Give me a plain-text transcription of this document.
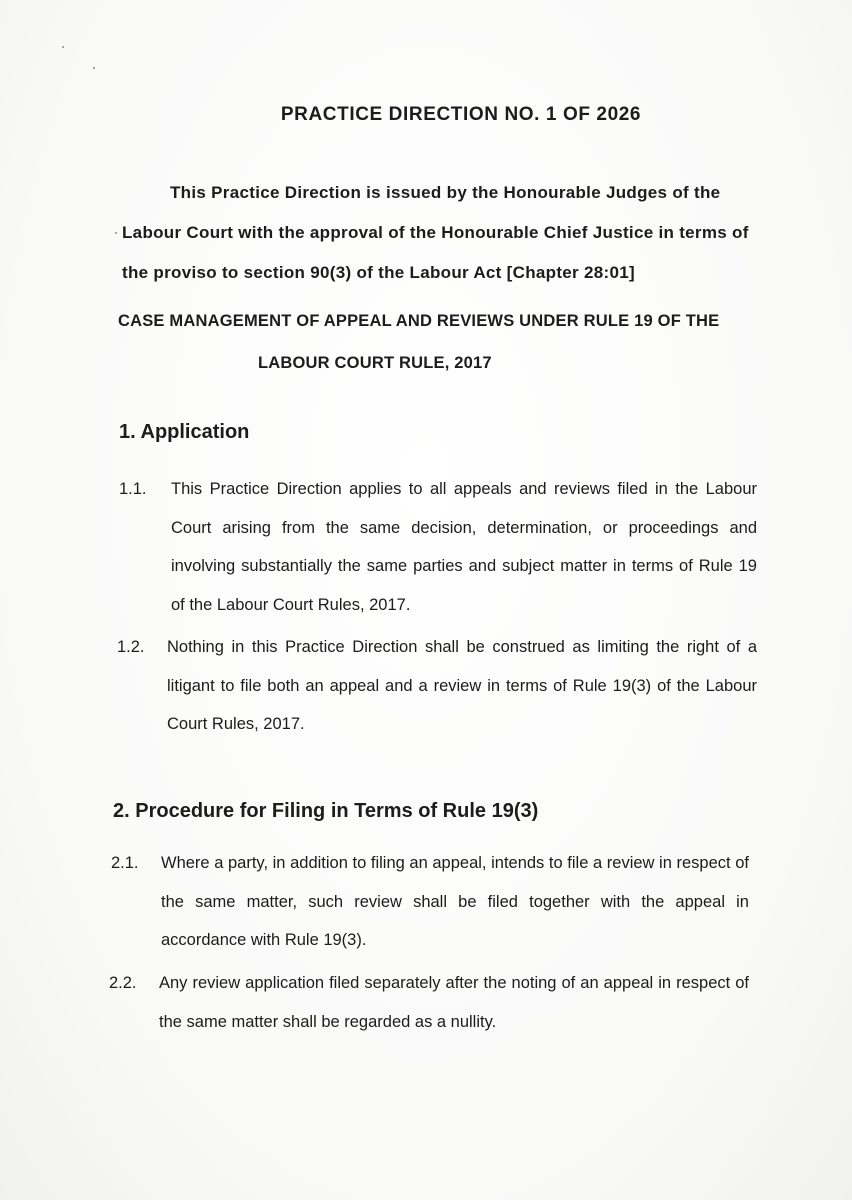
PRACTICE DIRECTION NO. 1 OF 2026
This Practice Direction is issued by the Honourable Judges of the
Labour Court with the approval of the Honourable Chief Justice in terms of
the proviso to section 90(3) of the Labour Act [Chapter 28:01]
CASE MANAGEMENT OF APPEAL AND REVIEWS UNDER RULE 19 OF THE
LABOUR COURT RULE, 2017
1. Application
1.1. This Practice Direction applies to all appeals and reviews filed in the Labour Court arising from the same decision, determination, or proceedings and involving substantially the same parties and subject matter in terms of Rule 19 of the Labour Court Rules, 2017.
1.2. Nothing in this Practice Direction shall be construed as limiting the right of a litigant to file both an appeal and a review in terms of Rule 19(3) of the Labour Court Rules, 2017.
2. Procedure for Filing in Terms of Rule 19(3)
2.1. Where a party, in addition to filing an appeal, intends to file a review in respect of the same matter, such review shall be filed together with the appeal in accordance with Rule 19(3).
2.2. Any review application filed separately after the noting of an appeal in respect of the same matter shall be regarded as a nullity.
